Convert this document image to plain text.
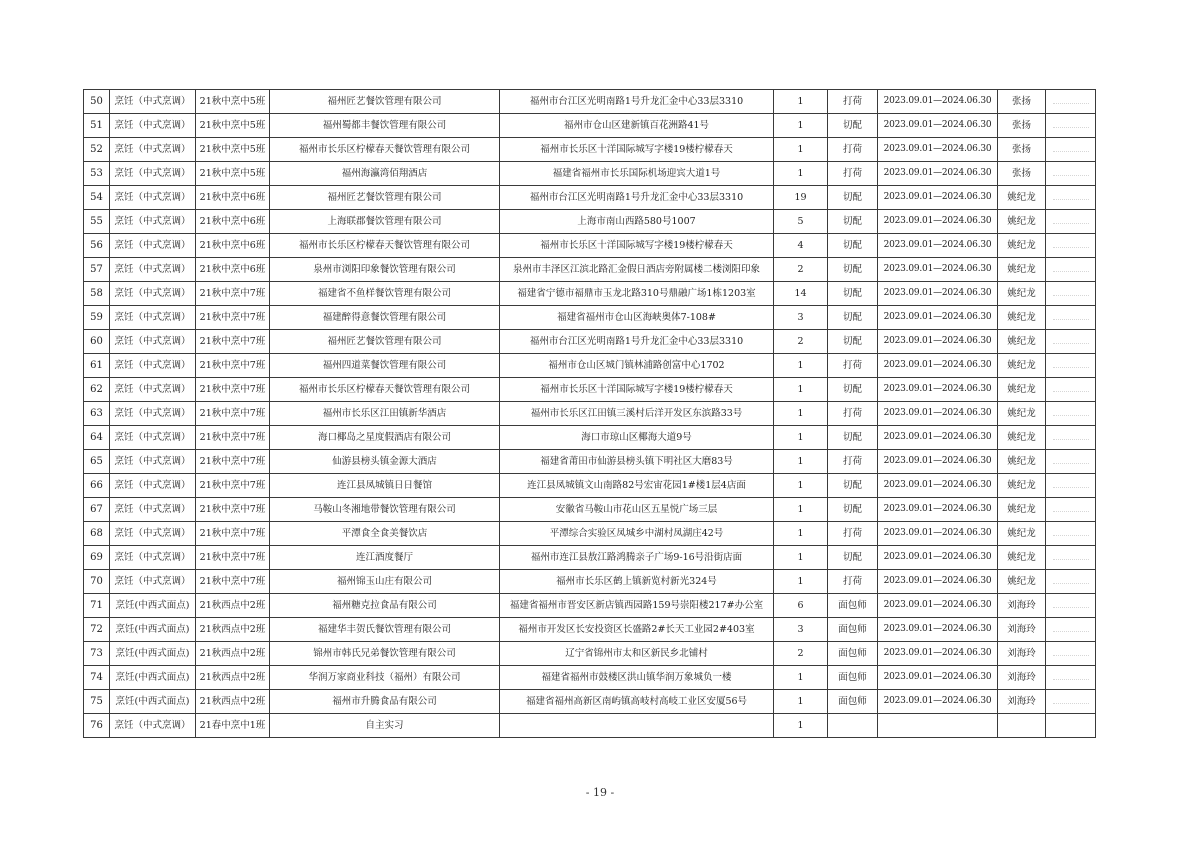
50	烹饪（中式烹调）	21秋中烹中5班	福州匠艺餐饮管理有限公司	福州市台江区光明南路1号升龙汇金中心33层3310	1	打荷	2023.09.01—2024.06.30	张扬	
51	烹饪（中式烹调）	21秋中烹中5班	福州蜀都丰餐饮管理有限公司	福州市仓山区建新镇百花洲路41号	1	切配	2023.09.01—2024.06.30	张扬	
52	烹饪（中式烹调）	21秋中烹中5班	福州市长乐区柠檬春天餐饮管理有限公司	福州市长乐区十洋国际城写字楼19楼柠檬春天	1	打荷	2023.09.01—2024.06.30	张扬	
53	烹饪（中式烹调）	21秋中烹中5班	福州海瀛湾佰翔酒店	福建省福州市长乐国际机场迎宾大道1号	1	打荷	2023.09.01—2024.06.30	张扬	
54	烹饪（中式烹调）	21秋中烹中6班	福州匠艺餐饮管理有限公司	福州市台江区光明南路1号升龙汇金中心33层3310	19	切配	2023.09.01—2024.06.30	姚纪龙	
55	烹饪（中式烹调）	21秋中烹中6班	上海联郡餐饮管理有限公司	上海市南山西路580号1007	5	切配	2023.09.01—2024.06.30	姚纪龙	
56	烹饪（中式烹调）	21秋中烹中6班	福州市长乐区柠檬春天餐饮管理有限公司	福州市长乐区十洋国际城写字楼19楼柠檬春天	4	切配	2023.09.01—2024.06.30	姚纪龙	
57	烹饪（中式烹调）	21秋中烹中6班	泉州市浏阳印象餐饮管理有限公司	泉州市丰泽区江滨北路汇金假日酒店旁附属楼二楼浏阳印象	2	切配	2023.09.01—2024.06.30	姚纪龙	
58	烹饪（中式烹调）	21秋中烹中7班	福建省不鱼样餐饮管理有限公司	福建省宁德市福鼎市玉龙北路310号鼎融广场1栋1203室	14	切配	2023.09.01—2024.06.30	姚纪龙	
59	烹饪（中式烹调）	21秋中烹中7班	福建醉得意餐饮管理有限公司	福建省福州市仓山区海峡奥体7-108#	3	切配	2023.09.01—2024.06.30	姚纪龙	
60	烹饪（中式烹调）	21秋中烹中7班	福州匠艺餐饮管理有限公司	福州市台江区光明南路1号升龙汇金中心33层3310	2	切配	2023.09.01—2024.06.30	姚纪龙	
61	烹饪（中式烹调）	21秋中烹中7班	福州四道菜餐饮管理有限公司	福州市仓山区城门镇林浦路创富中心1702	1	打荷	2023.09.01—2024.06.30	姚纪龙	
62	烹饪（中式烹调）	21秋中烹中7班	福州市长乐区柠檬春天餐饮管理有限公司	福州市长乐区十洋国际城写字楼19楼柠檬春天	1	切配	2023.09.01—2024.06.30	姚纪龙	
63	烹饪（中式烹调）	21秋中烹中7班	福州市长乐区江田镇新华酒店	福州市长乐区江田镇三溪村后洋开发区东滨路33号	1	打荷	2023.09.01—2024.06.30	姚纪龙	
64	烹饪（中式烹调）	21秋中烹中7班	海口椰岛之星度假酒店有限公司	海口市琼山区椰海大道9号	1	切配	2023.09.01—2024.06.30	姚纪龙	
65	烹饪（中式烹调）	21秋中烹中7班	仙游县榜头镇金源大酒店	福建省莆田市仙游县榜头镇下明社区大磨83号	1	打荷	2023.09.01—2024.06.30	姚纪龙	
66	烹饪（中式烹调）	21秋中烹中7班	连江县凤城镇日日餐馆	连江县凤城镇文山南路82号宏宙花园1#楼1层4店面	1	切配	2023.09.01—2024.06.30	姚纪龙	
67	烹饪（中式烹调）	21秋中烹中7班	马鞍山冬湘地带餐饮管理有限公司	安徽省马鞍山市花山区五星悦广场三层	1	切配	2023.09.01—2024.06.30	姚纪龙	
68	烹饪（中式烹调）	21秋中烹中7班	平潭食全食美餐饮店	平潭综合实验区凤城乡中湖村凤湖庄42号	1	打荷	2023.09.01—2024.06.30	姚纪龙	
69	烹饪（中式烹调）	21秋中烹中7班	连江酒度餐厅	福州市连江县敖江路鸿腾亲子广场9-16号沿街店面	1	切配	2023.09.01—2024.06.30	姚纪龙	
70	烹饪（中式烹调）	21秋中烹中7班	福州锦玉山庄有限公司	福州市长乐区鹤上镇新览村新光324号	1	打荷	2023.09.01—2024.06.30	姚纪龙	
71	烹饪(中西式面点)	21秋西点中2班	福州糖克拉食品有限公司	福建省福州市晋安区新店镇西园路159号崇阳楼217#办公室	6	面包师	2023.09.01—2024.06.30	刘海玲	
72	烹饪(中西式面点)	21秋西点中2班	福建华丰贺氏餐饮管理有限公司	福州市开发区长安投资区长盛路2#长天工业园2#403室	3	面包师	2023.09.01—2024.06.30	刘海玲	
73	烹饪(中西式面点)	21秋西点中2班	锦州市韩氏兄弟餐饮管理有限公司	辽宁省锦州市太和区新民乡北铺村	2	面包师	2023.09.01—2024.06.30	刘海玲	
74	烹饪(中西式面点)	21秋西点中2班	华润万家商业科技（福州）有限公司	福建省福州市鼓楼区洪山镇华润万象城负一楼	1	面包师	2023.09.01—2024.06.30	刘海玲	
75	烹饪(中西式面点)	21秋西点中2班	福州市升腾食品有限公司	福建省福州高新区南屿镇高岐村高岐工业区安厦56号	1	面包师	2023.09.01—2024.06.30	刘海玲	
76	烹饪（中式烹调）	21春中烹中1班	自主实习		1				
- 19 -
